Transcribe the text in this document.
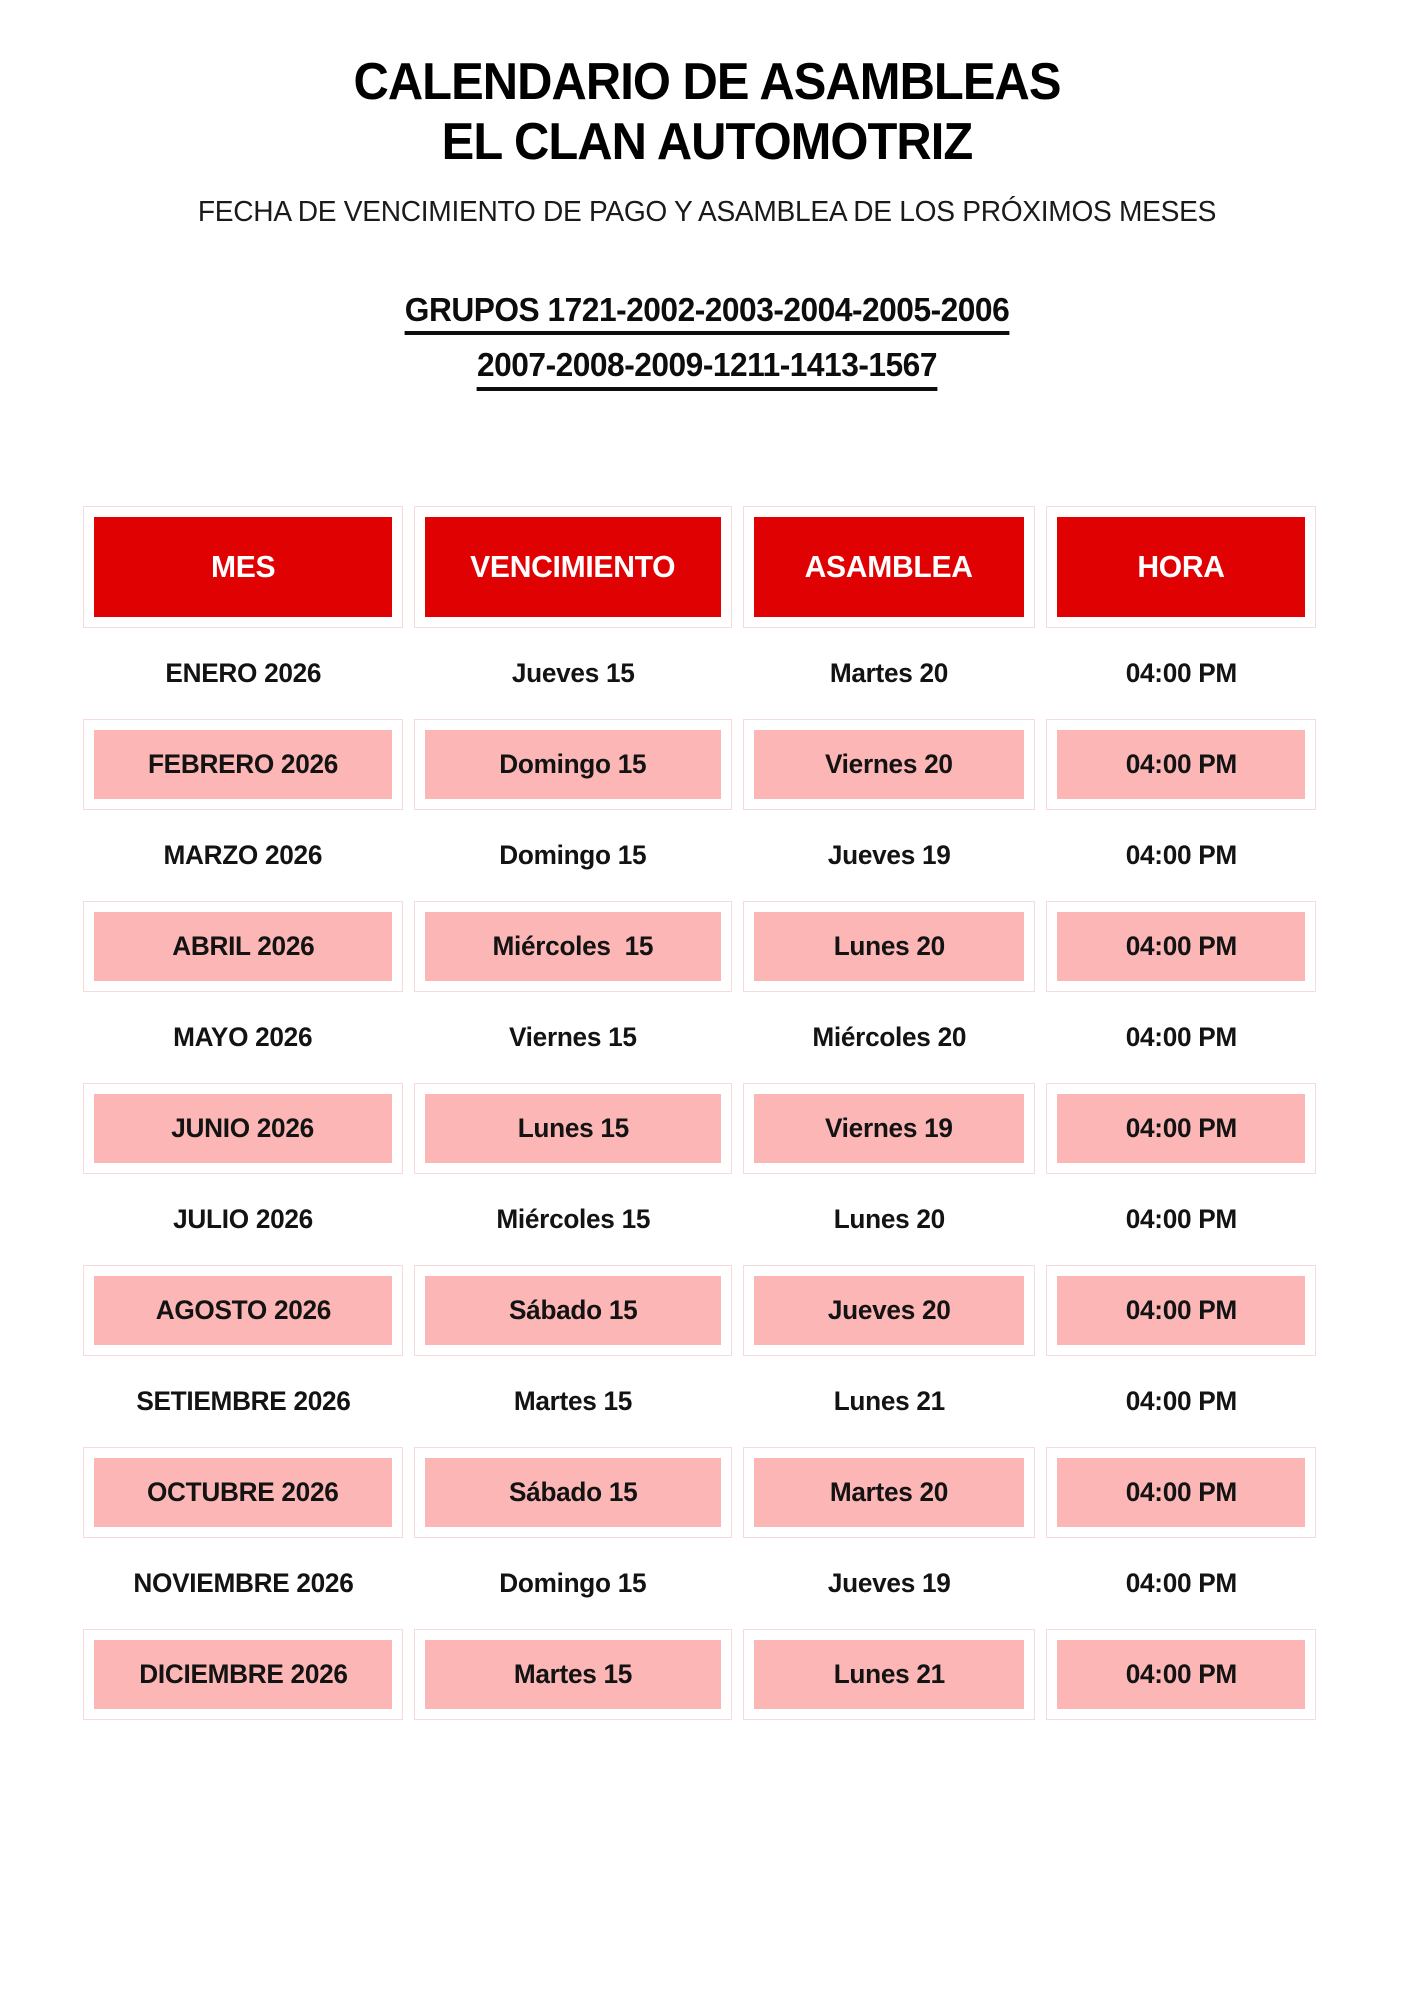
CALENDARIO DE ASAMBLEAS
EL CLAN AUTOMOTRIZ
FECHA DE VENCIMIENTO DE PAGO Y ASAMBLEA DE LOS PRÓXIMOS MESES
GRUPOS 1721-2002-2003-2004-2005-2006
2007-2008-2009-1211-1413-1567
MES	VENCIMIENTO	ASAMBLEA	HORA
ENERO 2026	Jueves 15	Martes 20	04:00 PM
FEBRERO 2026	Domingo 15	Viernes 20	04:00 PM
MARZO 2026	Domingo 15	Jueves 19	04:00 PM
ABRIL 2026	Miércoles  15	Lunes 20	04:00 PM
MAYO 2026	Viernes 15	Miércoles 20	04:00 PM
JUNIO 2026	Lunes 15	Viernes 19	04:00 PM
JULIO 2026	Miércoles 15	Lunes 20	04:00 PM
AGOSTO 2026	Sábado 15	Jueves 20	04:00 PM
SETIEMBRE 2026	Martes 15	Lunes 21	04:00 PM
OCTUBRE 2026	Sábado 15	Martes 20	04:00 PM
NOVIEMBRE 2026	Domingo 15	Jueves 19	04:00 PM
DICIEMBRE 2026	Martes 15	Lunes 21	04:00 PM
